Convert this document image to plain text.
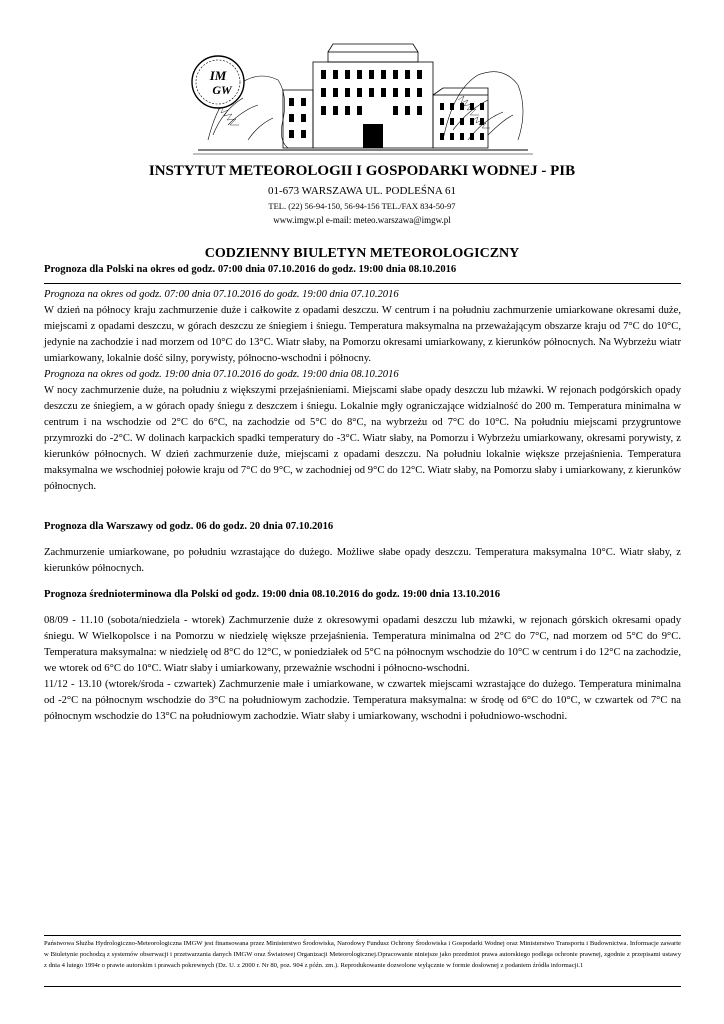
IM
GW
INSTYTUT METEOROLOGII I GOSPODARKI WODNEJ - PIB
01-673 WARSZAWA UL. PODLEŚNA 61
TEL. (22) 56-94-150, 56-94-156 TEL./FAX 834-50-97
www.imgw.pl e-mail: meteo.warszawa@imgw.pl
CODZIENNY BIULETYN METEOROLOGICZNY
Prognoza dla Polski na okres od godz. 07:00 dnia 07.10.2016 do godz. 19:00 dnia 08.10.2016

Prognoza na okres od godz. 07:00 dnia 07.10.2016 do godz. 19:00 dnia 07.10.2016

W dzień na północy kraju zachmurzenie duże i całkowite z opadami deszczu. W centrum i na południu zachmurzenie umiarkowane okresami duże, miejscami z opadami deszczu, w górach deszczu ze śniegiem i śniegu. Temperatura maksymalna na przeważającym obszarze kraju od 7°C do 10°C, jedynie na zachodzie i nad morzem od 10°C do 13°C. Wiatr słaby, na Pomorzu okresami umiarkowany, z kierunków północnych. Na Wybrzeżu wiatr umiarkowany, lokalnie dość silny, porywisty, północno-wschodni i północny.

Prognoza na okres od godz. 19:00 dnia 07.10.2016 do godz. 19:00 dnia 08.10.2016

W nocy zachmurzenie duże, na południu z większymi przejaśnieniami. Miejscami słabe opady deszczu lub mżawki. W rejonach podgórskich opady deszczu ze śniegiem, a w górach opady śniegu z deszczem i śniegu. Lokalnie mgły ograniczające widzialność do 200 m. Temperatura minimalna w centrum i na wschodzie od 2°C do 6°C, na zachodzie od 5°C do 8°C, na wybrzeżu od 7°C do 10°C. Na południu miejscami przygruntowe przymrozki do -2°C. W dolinach karpackich spadki temperatury do -3°C. Wiatr słaby, na Pomorzu i Wybrzeżu umiarkowany, okresami porywisty, z kierunków północnych. W dzień zachmurzenie duże, miejscami z opadami deszczu. Na południu lokalnie większe przejaśnienia. Temperatura maksymalna we wschodniej połowie kraju od 7°C do 9°C, w zachodniej od 9°C do 12°C. Wiatr słaby, na Pomorzu słaby i umiarkowany, z kierunków północnych.

Prognoza dla Warszawy od godz. 06 do godz. 20 dnia 07.10.2016

Zachmurzenie umiarkowane, po południu wzrastające do dużego. Możliwe słabe opady deszczu. Temperatura maksymalna 10°C. Wiatr słaby, z kierunków północnych.

Prognoza średnioterminowa dla Polski od godz. 19:00 dnia 08.10.2016 do godz. 19:00 dnia 13.10.2016

08/09 - 11.10 (sobota/niedziela - wtorek) Zachmurzenie duże z okresowymi opadami deszczu lub mżawki, w rejonach górskich okresami opady śniegu. W Wielkopolsce i na Pomorzu w niedzielę większe przejaśnienia. Temperatura minimalna od 2°C do 7°C, nad morzem od 5°C do 9°C. Temperatura maksymalna: w niedzielę od 8°C do 12°C, w poniedziałek od 5°C na północnym wschodzie do 10°C w centrum i do 12°C na zachodzie, we wtorek od 6°C do 10°C. Wiatr słaby i umiarkowany, przeważnie wschodni i północno-wschodni.

11/12 - 13.10 (wtorek/środa - czwartek) Zachmurzenie małe i umiarkowane, w czwartek miejscami wzrastające do dużego. Temperatura minimalna od -2°C na północnym wschodzie do 3°C na południowym zachodzie. Temperatura maksymalna: w środę od 6°C do 10°C, w czwartek od 7°C na północnym wschodzie do 13°C na południowym zachodzie. Wiatr słaby i umiarkowany, wschodni i południowo-wschodni.

Państwowa Służba Hydrologiczno-Meteorologiczna IMGW jest finansowana przez Ministerstwo Środowiska, Narodowy Fundusz Ochrony Środowiska i Gospodarki Wodnej oraz Ministerstwo Transportu i Budownictwa. Informacje zawarte w Biuletynie pochodzą z systemów obserwacji i przetwarzania danych IMGW oraz Światowej Organizacji Meteorologicznej.Opracowanie niniejsze jako przedmiot prawa autorskiego podlega ochronie prawnej, zgodnie z przepisami ustawy z dnia 4 lutego 1994r o prawie autorskim i prawach pokrewnych (Dz. U. z 2000 r. Nr 80, poz. 904 z późn. zm.). Reprodukowanie dozwolone wyłącznie w formie dosłownej z podaniem źródła informacji.1
